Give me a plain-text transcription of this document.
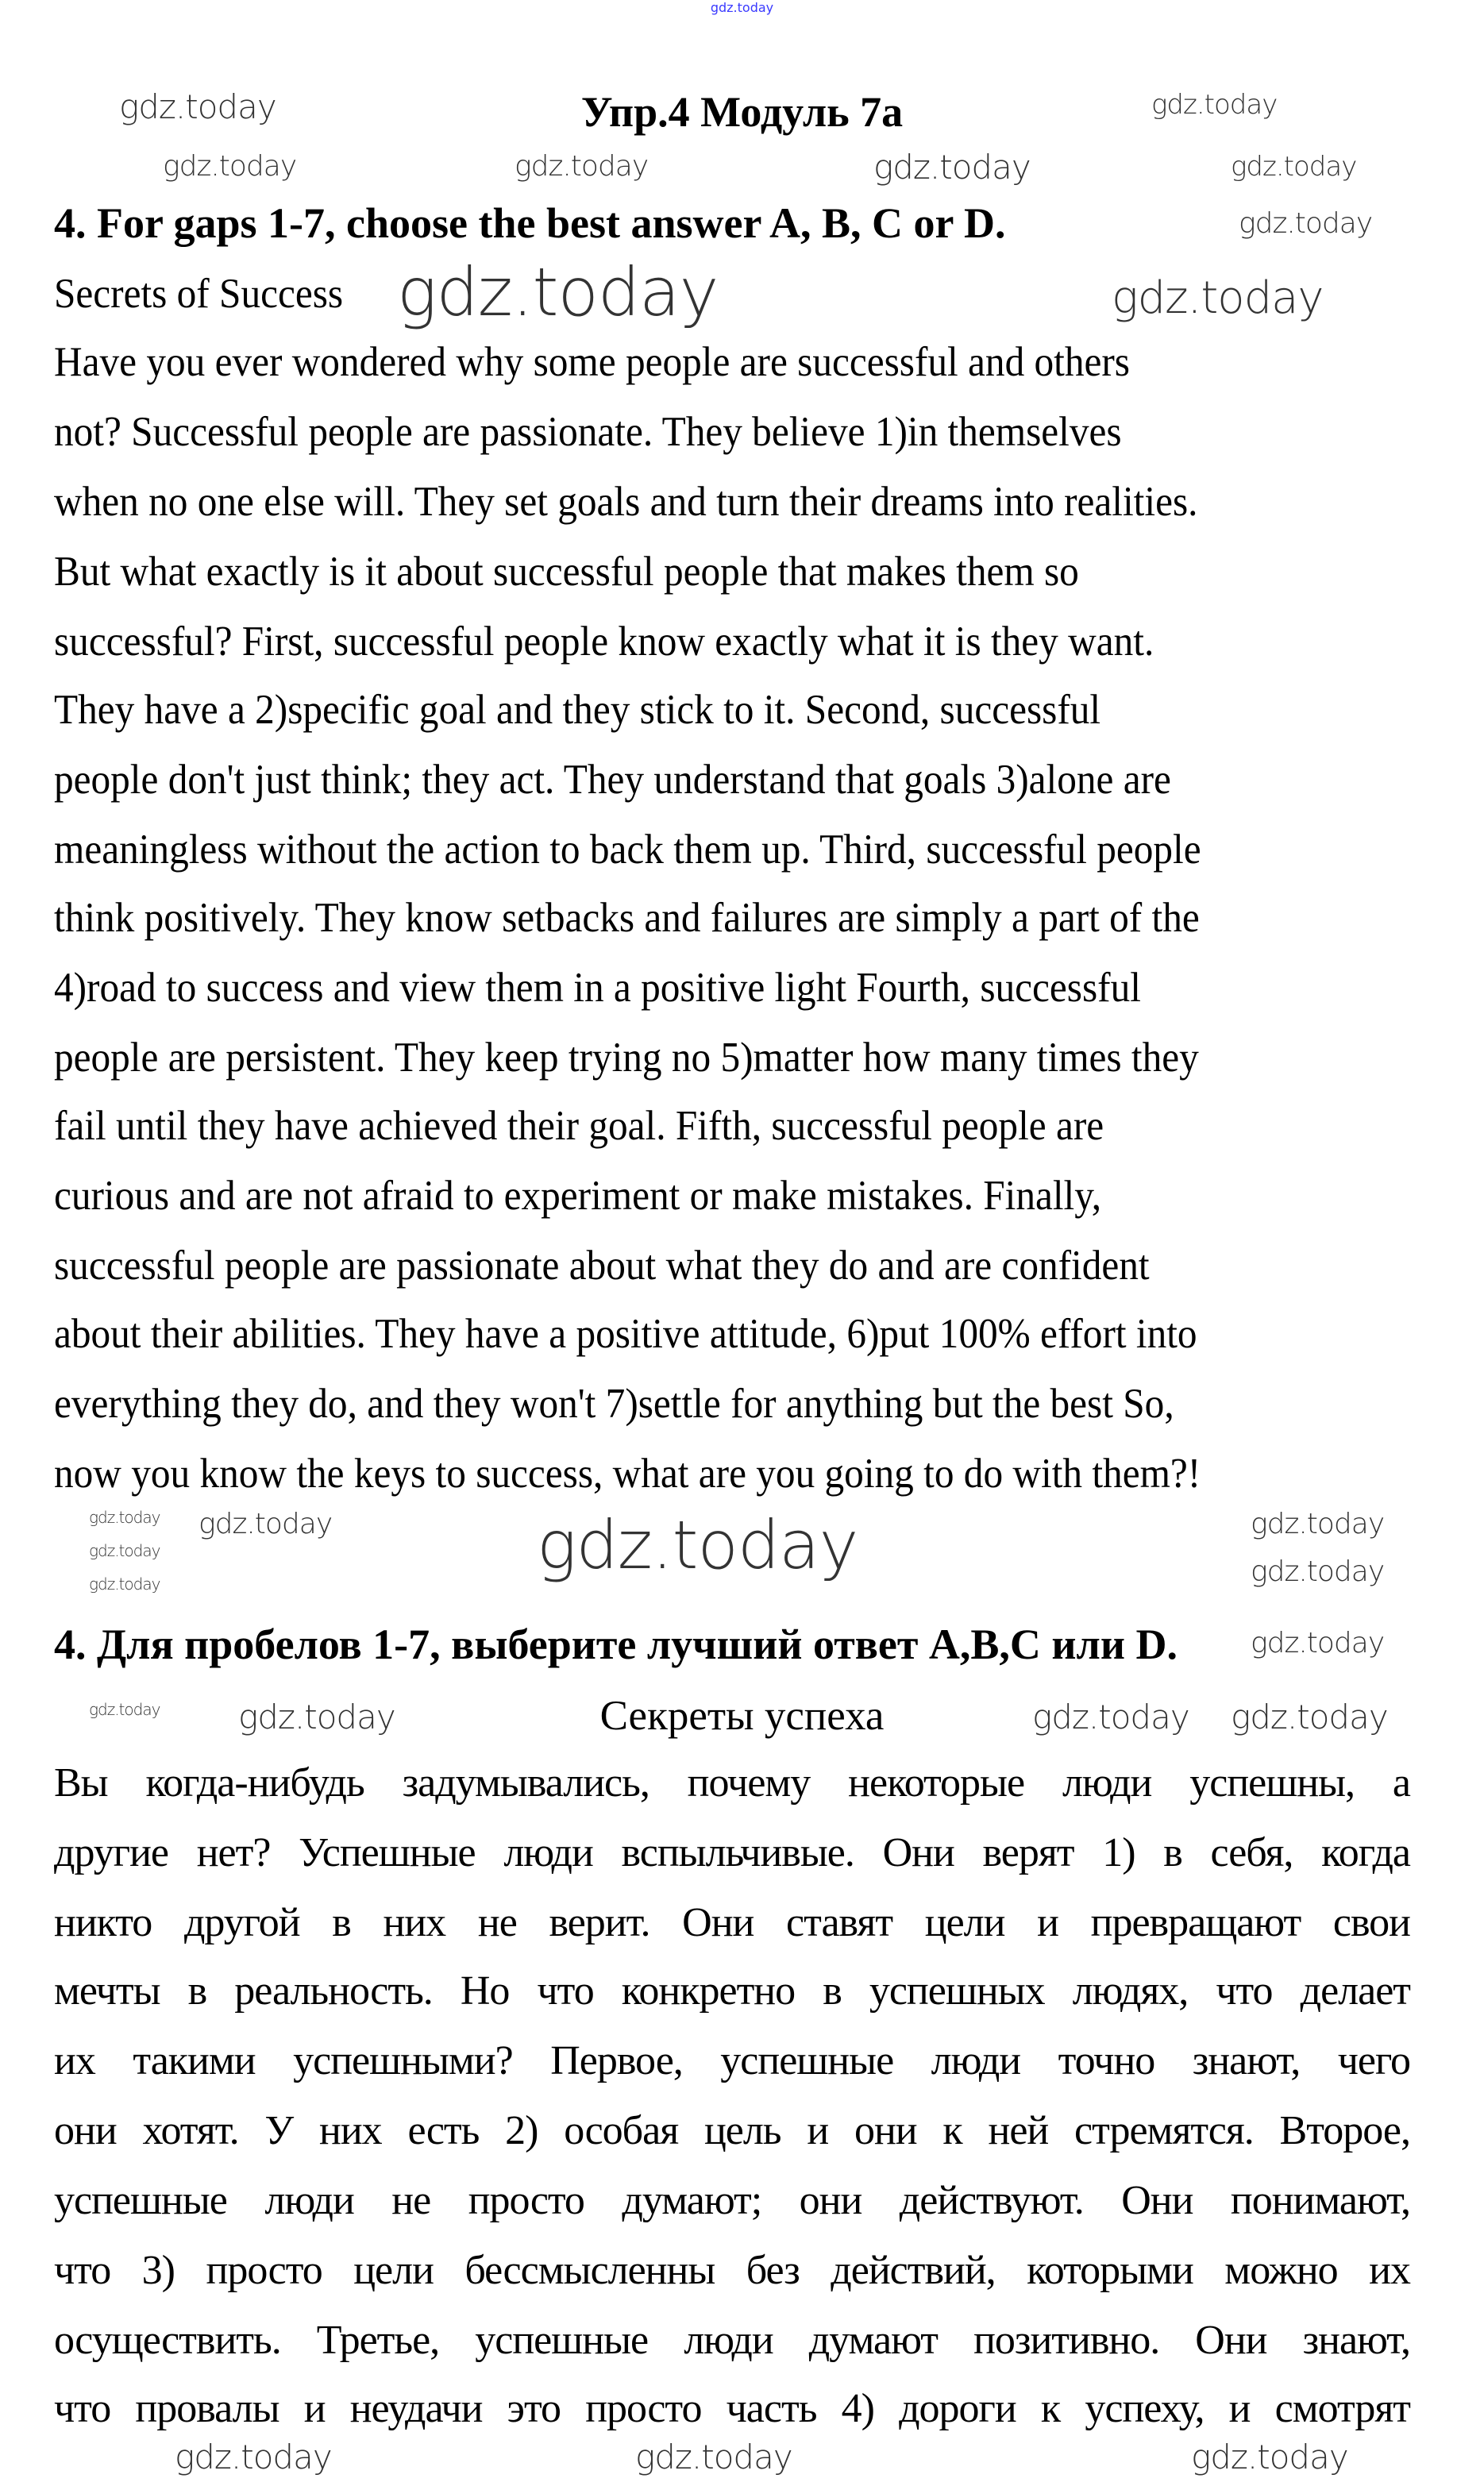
gdz.today
Упр.4 Модуль 7a
4. For gaps 1-7, choose the best answer A, B, C or D.
Secrets of Success
Have you ever wondered why some people are successful and others
not? Successful people are passionate. They believe 1)in themselves
when no one else will. They set goals and turn their dreams into realities.
But what exactly is it about successful people that makes them so
successful? First, successful people know exactly what it is they want.
They have a 2)specific goal and they stick to it. Second, successful
people don't just think; they act. They understand that goals 3)alone are
meaningless without the action to back them up. Third, successful people
think positively. They know setbacks and failures are simply a part of the
4)road to success and view them in a positive light Fourth, successful
people are persistent. They keep trying no 5)matter how many times they
fail until they have achieved their goal. Fifth, successful people are
curious and are not afraid to experiment or make mistakes. Finally,
successful people are passionate about what they do and are confident
about their abilities. They have a positive attitude, 6)put 100% effort into
everything they do, and they won't 7)settle for anything but the best So,
now you know the keys to success, what are you going to do with them?!
4. Для пробелов 1-7, выберите лучший ответ A,B,C или D.
Секреты успеха
Вы когда-нибудь задумывались, почему некоторые люди успешны, а
другие нет? Успешные люди вспыльчивые. Они верят 1) в себя, когда
никто другой в них не верит. Они ставят цели и превращают свои
мечты в реальность. Но что конкретно в успешных людях, что делает
их такими успешными? Первое, успешные люди точно знают, чего
они хотят. У них есть 2) особая цель и они к ней стремятся. Второе,
успешные люди не просто думают; они действуют. Они понимают,
что 3) просто цели бессмысленны без действий, которыми можно их
осуществить. Третье, успешные люди думают позитивно. Они знают,
что провалы и неудачи это просто часть 4) дороги к успеху, и смотрят
gdz.today	gdz.today
gdz.today	gdz.today	gdz.today	gdz.today
gdz.today
gdz.today	gdz.today
gdz.today gdz.today	gdz.today	gdz.today
gdz.today
gdz.today	gdz.today
gdz.today
gdz.today gdz.today	gdz.today gdz.today
gdz.today	gdz.today	gdz.today
